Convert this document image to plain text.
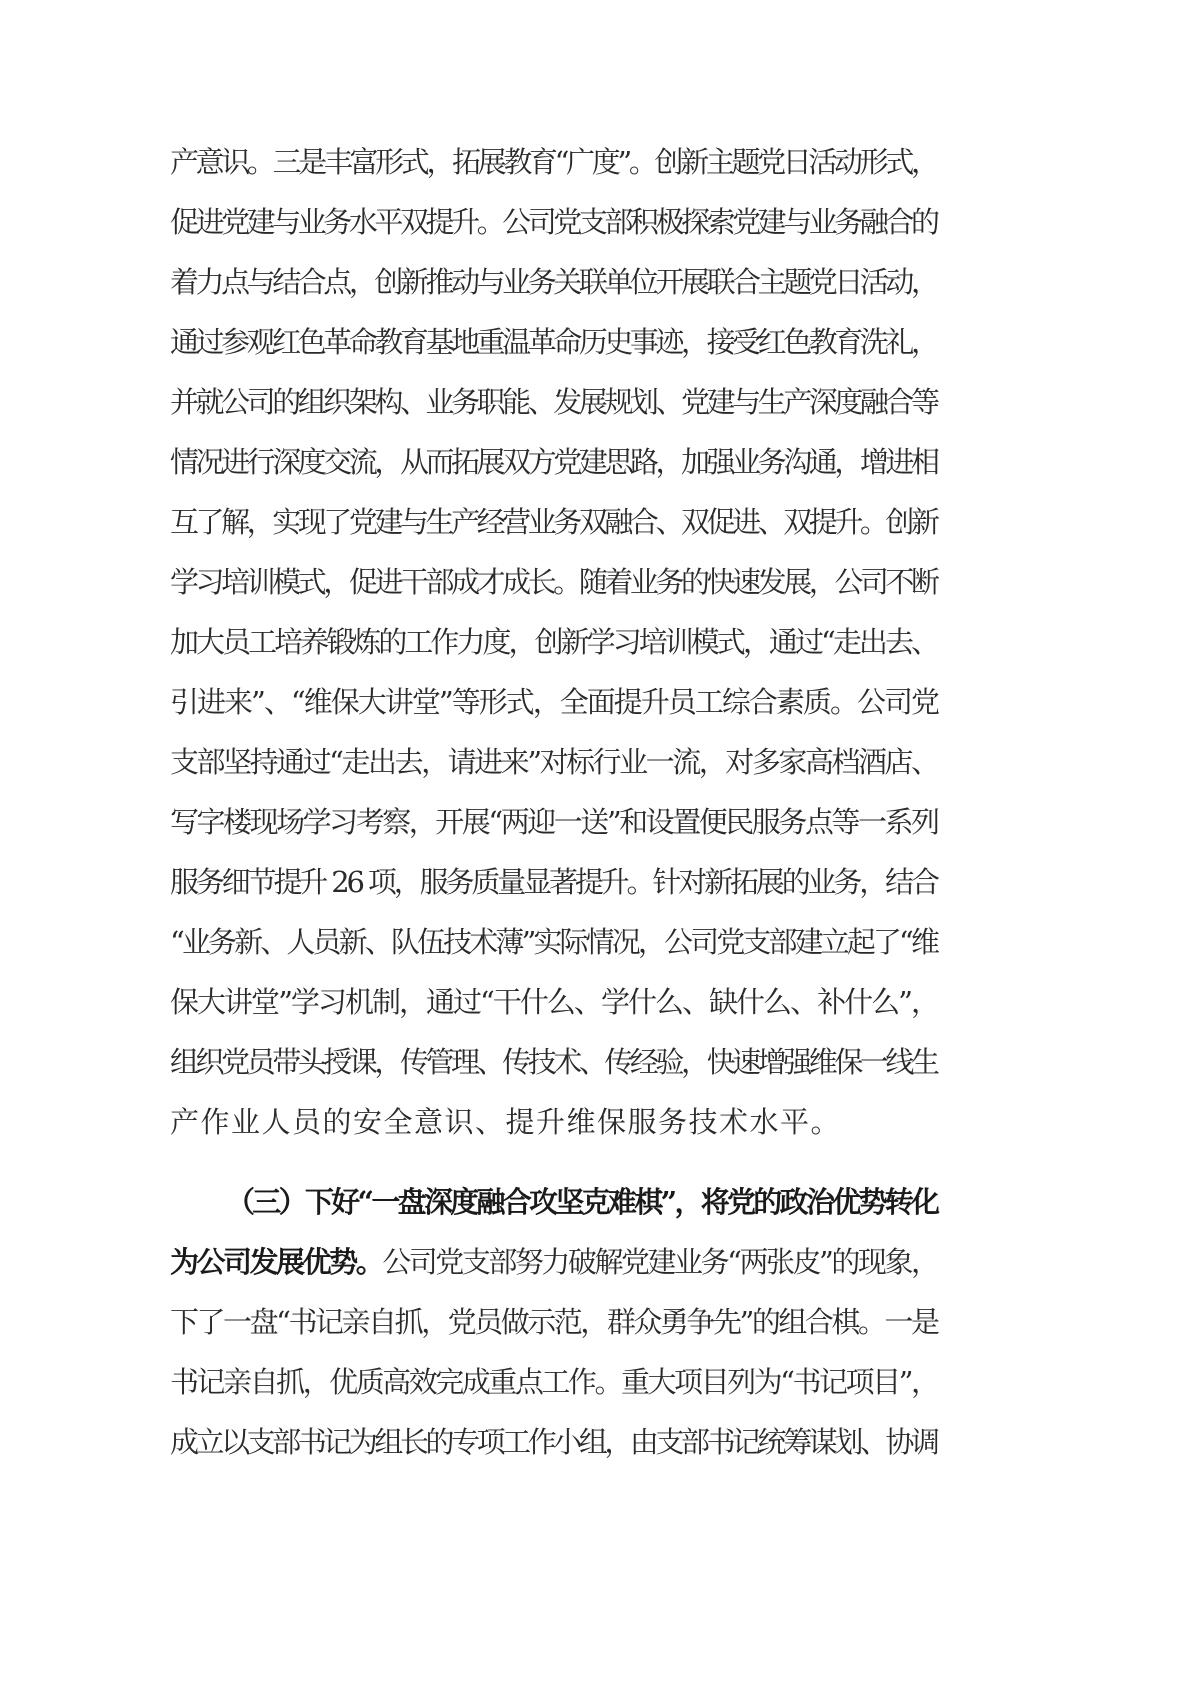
产意识。三是丰富形式，拓展教育“广度”。创新主题党日活动形式，
促进党建与业务水平双提升。公司党支部积极探索党建与业务融合的
着力点与结合点，创新推动与业务关联单位开展联合主题党日活动，
通过参观红色革命教育基地重温革命历史事迹，接受红色教育洗礼，
并就公司的组织架构、业务职能、发展规划、党建与生产深度融合等
情况进行深度交流，从而拓展双方党建思路，加强业务沟通，增进相
互了解，实现了党建与生产经营业务双融合、双促进、双提升。创新
学习培训模式，促进干部成才成长。随着业务的快速发展，公司不断
加大员工培养锻炼的工作力度，创新学习培训模式，通过“走出去、
引进来”、“维保大讲堂”等形式，全面提升员工综合素质。公司党
支部坚持通过“走出去，请进来”对标行业一流，对多家高档酒店、
写字楼现场学习考察，开展“两迎一送”和设置便民服务点等一系列
服务细节提升 26 项，服务质量显著提升。针对新拓展的业务，结合
“业务新、人员新、队伍技术薄”实际情况，公司党支部建立起了“维
保大讲堂”学习机制，通过“干什么、学什么、缺什么、补什么”，
组织党员带头授课，传管理、传技术、传经验，快速增强维保一线生
产作业人员的安全意识、提升维保服务技术水平。
（三）下好“一盘深度融合攻坚克难棋”，将党的政治优势转化
为公司发展优势。公司党支部努力破解党建业务“两张皮”的现象，
下了一盘“书记亲自抓，党员做示范，群众勇争先”的组合棋。一是
书记亲自抓，优质高效完成重点工作。重大项目列为“书记项目”，
成立以支部书记为组长的专项工作小组，由支部书记统筹谋划、协调
